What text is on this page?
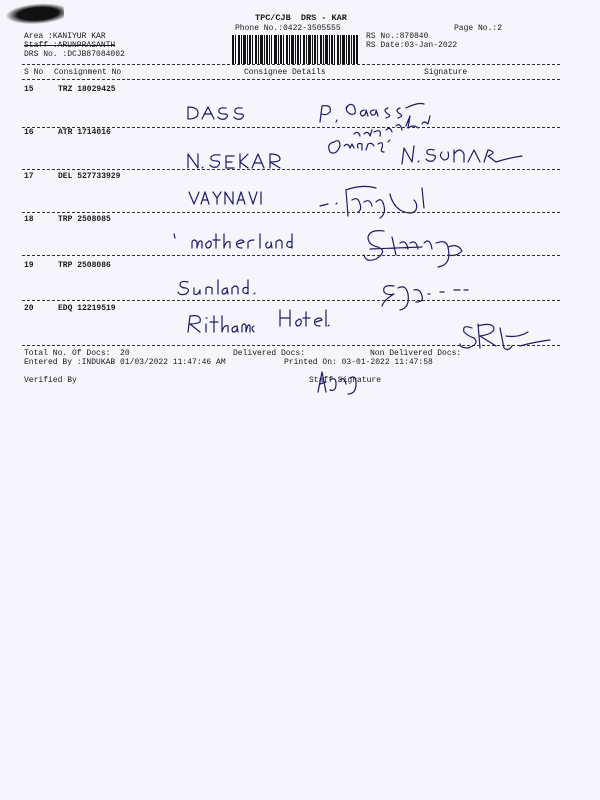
TPC/CJB  DRS - KAR
Phone No.:0422-3505555	Page No.:2
Area :KANIYUR KAR
Staff :ARUNPRASANTH
DRS No. :DCJB87084002
RS No.:870840
RS Date:03-Jan-2022
S No Consignment No	Consignee Details	Signature
15	TRZ 18029425
16	ATR 1714016
17	DEL 527733929
18	TRP 2508085
19	TRP 2508086
20	EDQ 12219519
Total No. Of Docs:  20	Delivered Docs:	Non Delivered Docs:
Entered By :INDUKAB 01/03/2022 11:47:46 AM	Printed On: 03-01-2022 11:47:58
Verified By	Staff Signature
